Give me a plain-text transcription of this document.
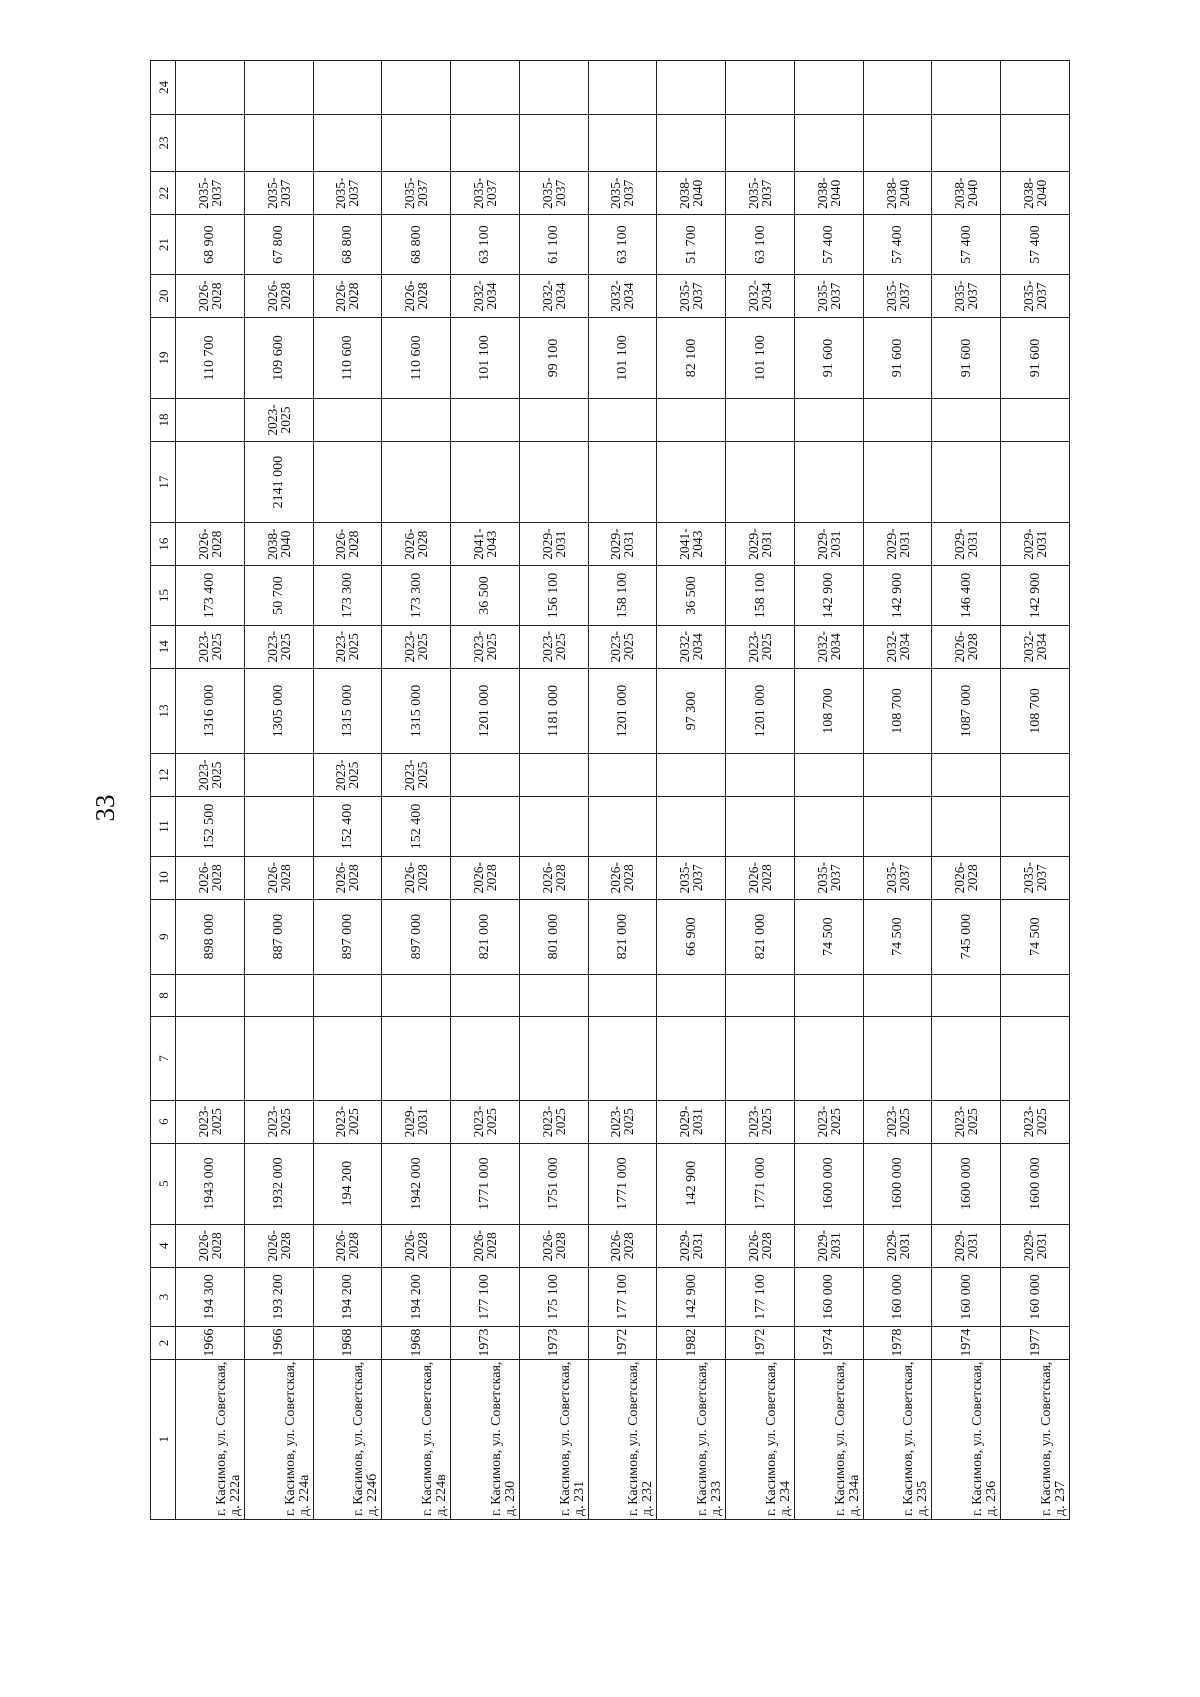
33
1	2	3	4	5	6	7	8	9	10	11	12	13	14	15	16	17	18	19	20	21	22	23	24
г. Касимов, ул. Советская, д. 222а	1966	194 300	2026-2028	1943 000	2023-2025			898 000	2026-2028	152 500	2023-2025	1316 000	2023-2025	173 400	2026-2028			110 700	2026-2028	68 900	2035-2037		
г. Касимов, ул. Советская, д. 224а	1966	193 200	2026-2028	1932 000	2023-2025			887 000	2026-2028			1305 000	2023-2025	50 700	2038-2040	2141 000	2023-2025	109 600	2026-2028	67 800	2035-2037		
г. Касимов, ул. Советская, д. 224б	1968	194 200	2026-2028	194 200	2023-2025			897 000	2026-2028	152 400	2023-2025	1315 000	2023-2025	173 300	2026-2028			110 600	2026-2028	68 800	2035-2037		
г. Касимов, ул. Советская, д. 224в	1968	194 200	2026-2028	1942 000	2029-2031			897 000	2026-2028	152 400	2023-2025	1315 000	2023-2025	173 300	2026-2028			110 600	2026-2028	68 800	2035-2037		
г. Касимов, ул. Советская, д. 230	1973	177 100	2026-2028	1771 000	2023-2025			821 000	2026-2028			1201 000	2023-2025	36 500	2041-2043			101 100	2032-2034	63 100	2035-2037		
г. Касимов, ул. Советская, д. 231	1973	175 100	2026-2028	1751 000	2023-2025			801 000	2026-2028			1181 000	2023-2025	156 100	2029-2031			99 100	2032-2034	61 100	2035-2037		
г. Касимов, ул. Советская, д. 232	1972	177 100	2026-2028	1771 000	2023-2025			821 000	2026-2028			1201 000	2023-2025	158 100	2029-2031			101 100	2032-2034	63 100	2035-2037		
г. Касимов, ул. Советская, д. 233	1982	142 900	2029-2031	142 900	2029-2031			66 900	2035-2037			97 300	2032-2034	36 500	2041-2043			82 100	2035-2037	51 700	2038-2040		
г. Касимов, ул. Советская, д. 234	1972	177 100	2026-2028	1771 000	2023-2025			821 000	2026-2028			1201 000	2023-2025	158 100	2029-2031			101 100	2032-2034	63 100	2035-2037		
г. Касимов, ул. Советская, д. 234а	1974	160 000	2029-2031	1600 000	2023-2025			74 500	2035-2037			108 700	2032-2034	142 900	2029-2031			91 600	2035-2037	57 400	2038-2040		
г. Касимов, ул. Советская, д. 235	1978	160 000	2029-2031	1600 000	2023-2025			74 500	2035-2037			108 700	2032-2034	142 900	2029-2031			91 600	2035-2037	57 400	2038-2040		
г. Касимов, ул. Советская, д. 236	1974	160 000	2029-2031	1600 000	2023-2025			745 000	2026-2028			1087 000	2026-2028	146 400	2029-2031			91 600	2035-2037	57 400	2038-2040		
г. Касимов, ул. Советская, д. 237	1977	160 000	2029-2031	1600 000	2023-2025			74 500	2035-2037			108 700	2032-2034	142 900	2029-2031			91 600	2035-2037	57 400	2038-2040		
